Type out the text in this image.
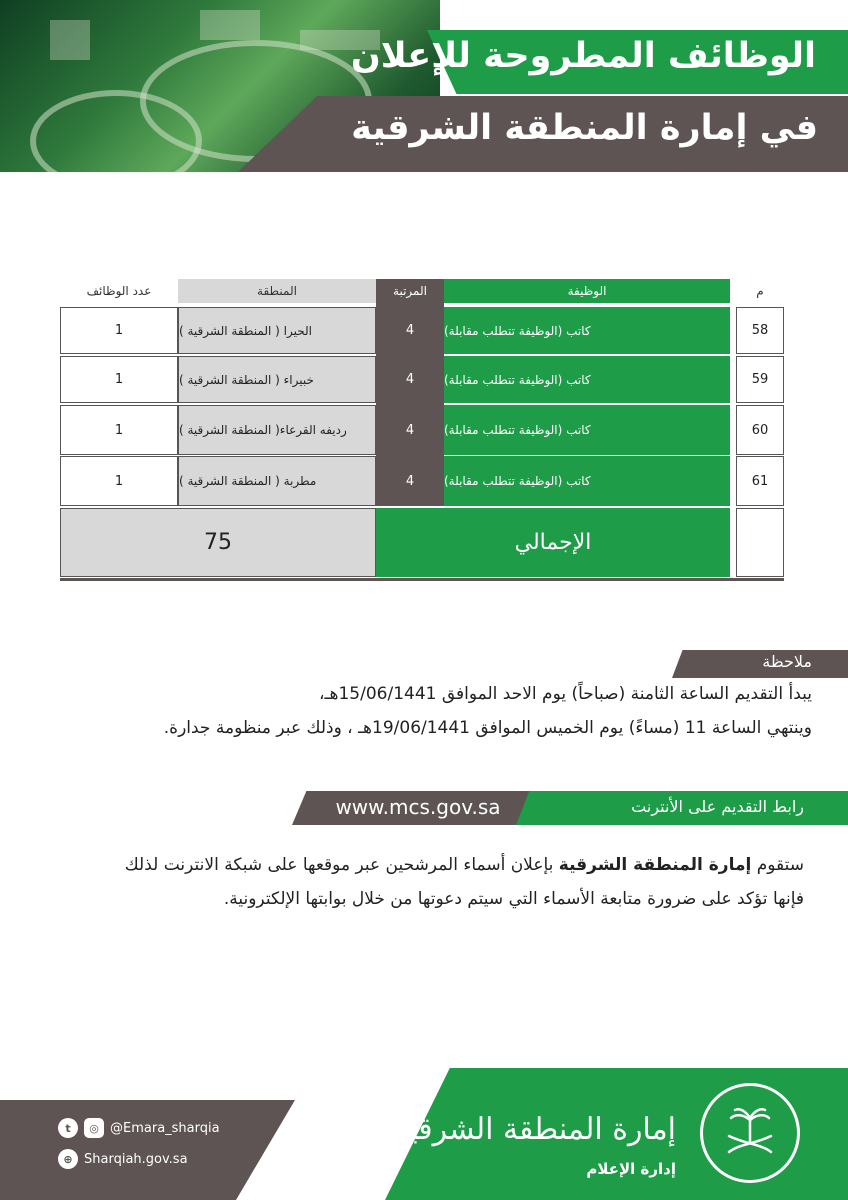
الوظائف المطروحة للإعلان
في إمارة المنطقة الشرقية
م
الوظيفة
المرتبة
المنطقة
عدد الوظائف
58
كاتب (الوظيفة تتطلب مقابلة)
4
الحيرا ( المنطقة الشرقية )
1
59
كاتب (الوظيفة تتطلب مقابلة)
4
خبيراء ( المنطقة الشرقية )
1
60
كاتب (الوظيفة تتطلب مقابلة)
4
رديفه القرعاء( المنطقة الشرقية )
1
61
كاتب (الوظيفة تتطلب مقابلة)
4
مطربة ( المنطقة الشرقية )
1
الإجمالي
75
ملاحظة
يبدأ التقديم الساعة الثامنة (صباحاً) يوم الاحد الموافق 15/06/1441هـ،
وينتهي الساعة 11 (مساءً) يوم الخميس الموافق 19/06/1441هـ ، وذلك عبر منظومة جدارة.
www.mcs.gov.sa	رابط التقديم على الأنترنت
ستقوم إمارة المنطقة الشرقية بإعلان أسماء المرشحين عبر موقعها على شبكة الانترنت لذلك
فإنها تؤكد على ضرورة متابعة الأسماء التي سيتم دعوتها من خلال بوابتها الإلكترونية.
t	◎ @Emara_sharqia
⊕ Sharqiah.gov.sa
إمارة المنطقة الشرقية
إدارة الإعلام
